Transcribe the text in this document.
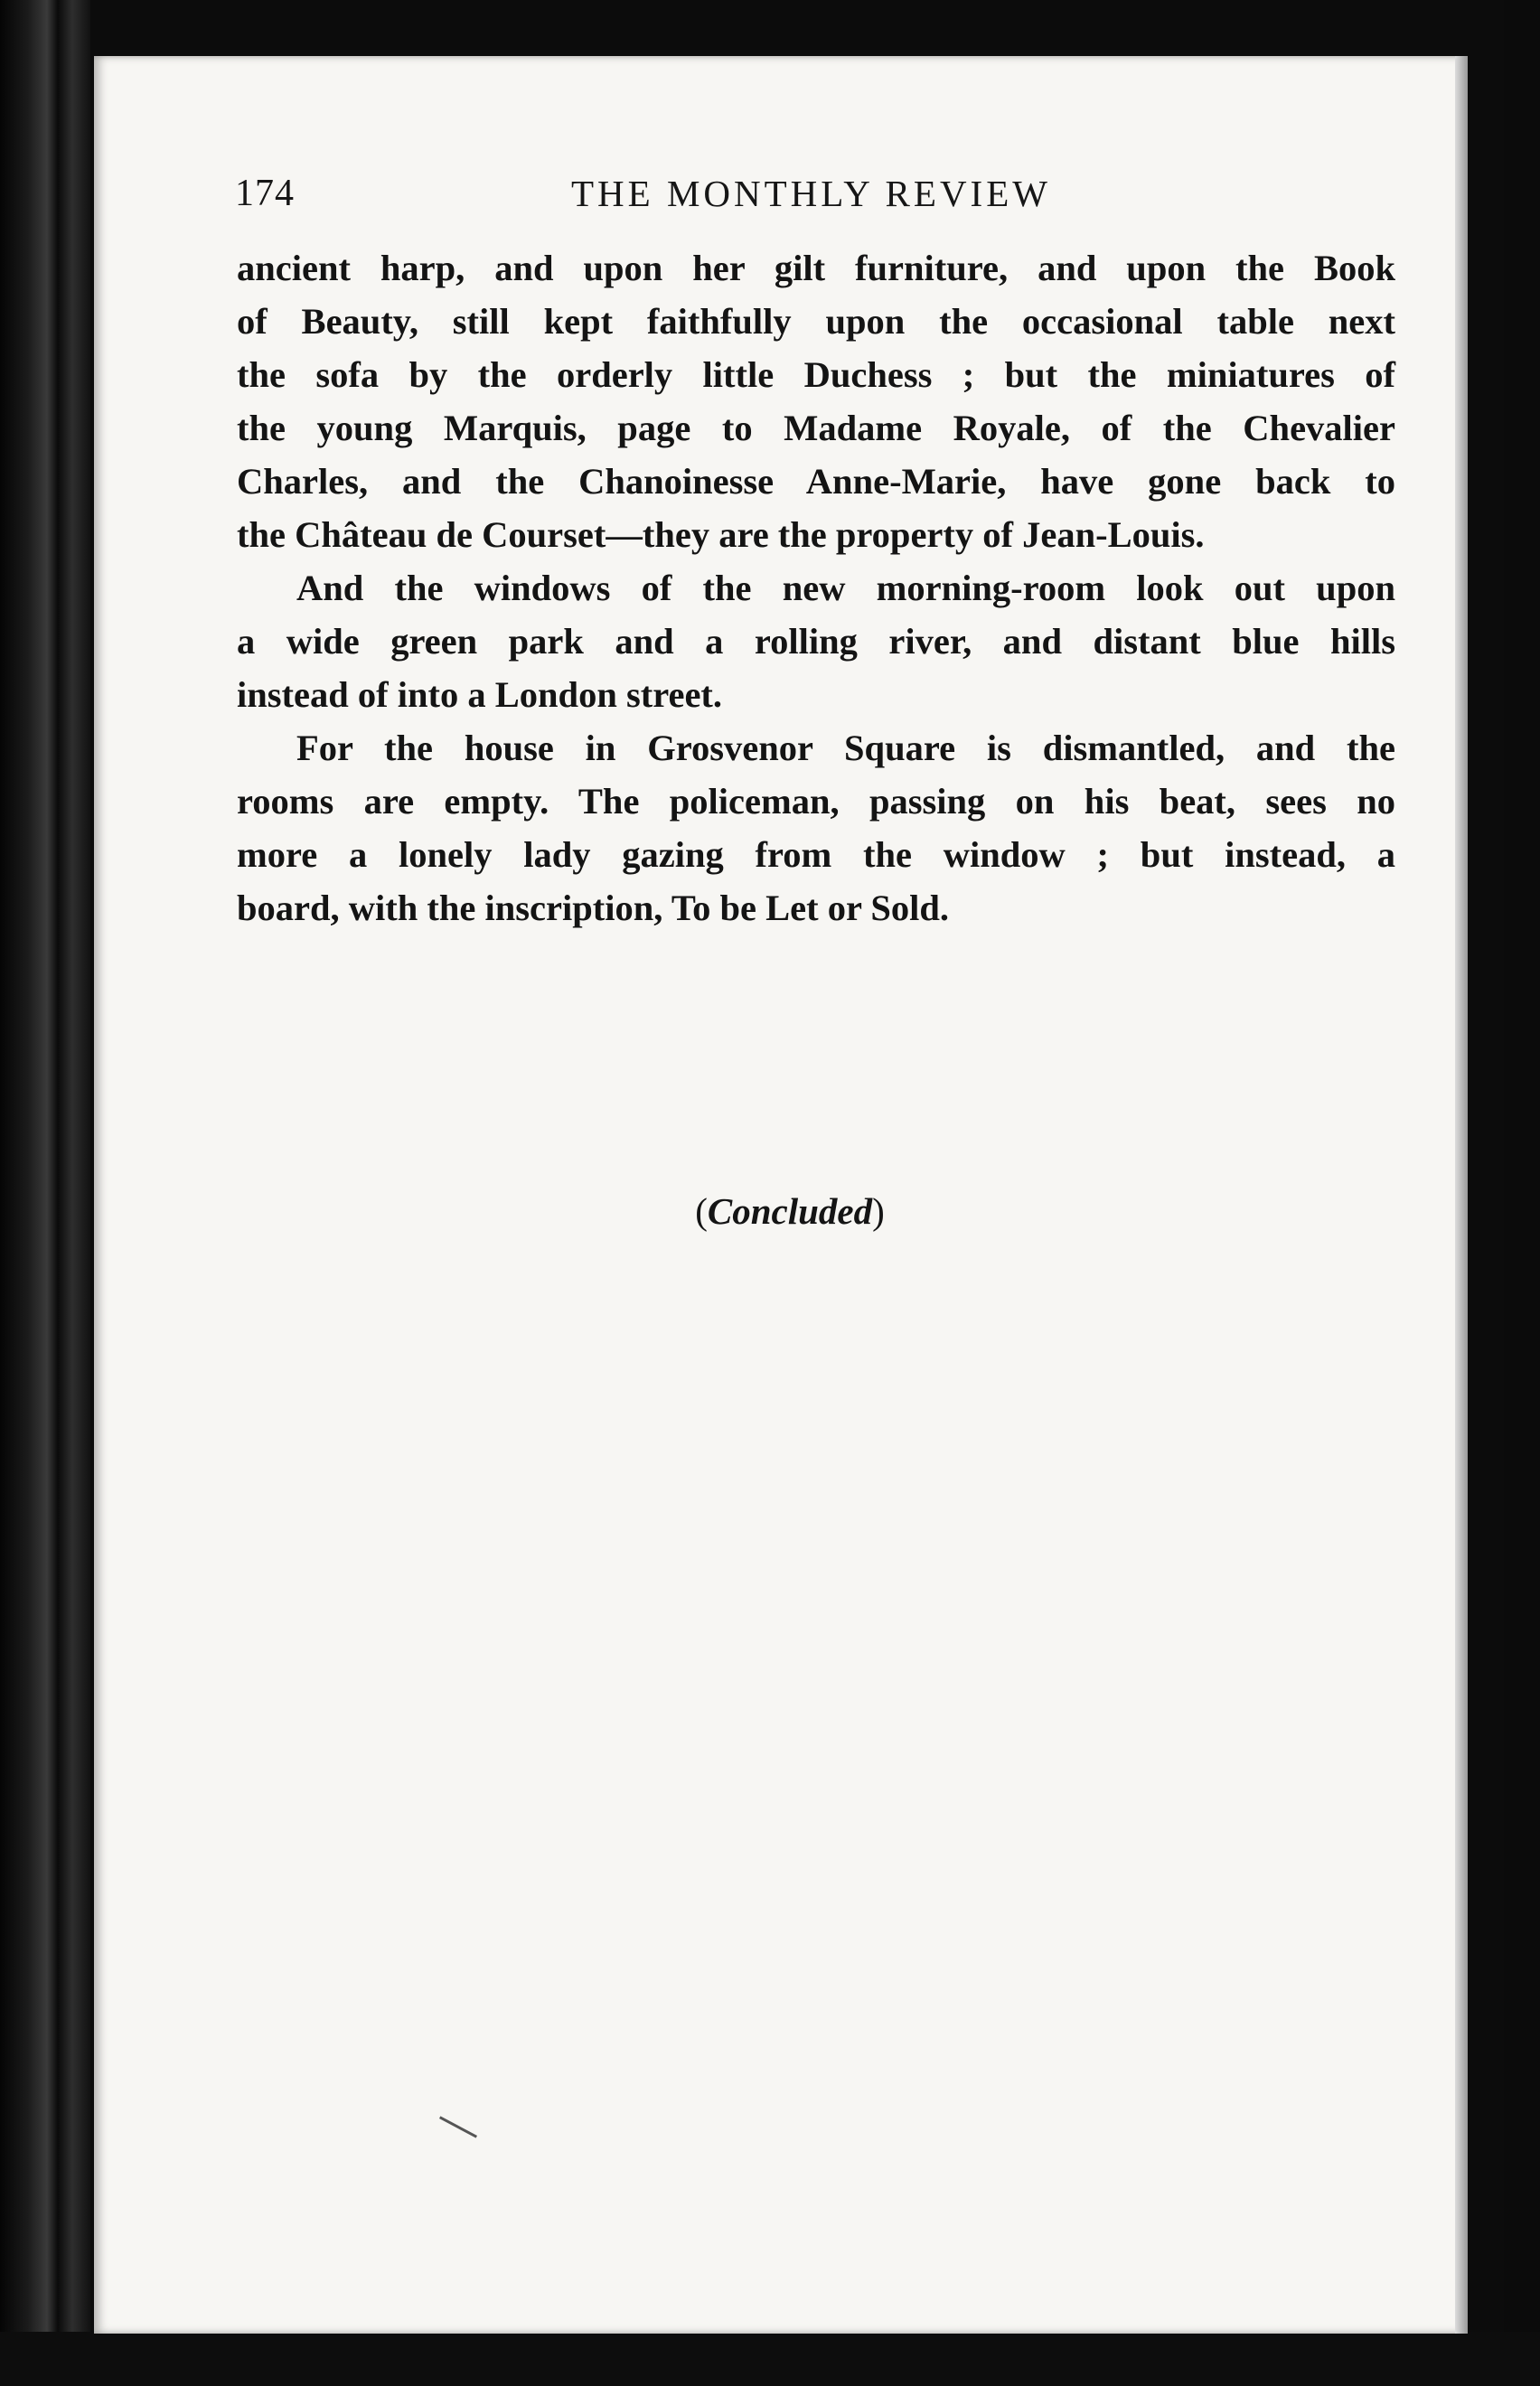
174	THE MONTHLY REVIEW
ancient harp, and upon her gilt furniture, and upon the Book
of Beauty, still kept faithfully upon the occasional table next
the sofa by the orderly little Duchess ; but the miniatures of
the young Marquis, page to Madame Royale, of the Chevalier
Charles, and the Chanoinesse Anne-Marie, have gone back to
the Château de Courset—they are the property of Jean-Louis.
And the windows of the new morning-room look out upon
a wide green park and a rolling river, and distant blue hills
instead of into a London street.
For the house in Grosvenor Square is dismantled, and the
rooms are empty. The policeman, passing on his beat, sees no
more a lonely lady gazing from the window ; but instead, a
board, with the inscription, To be Let or Sold.
(Concluded)
